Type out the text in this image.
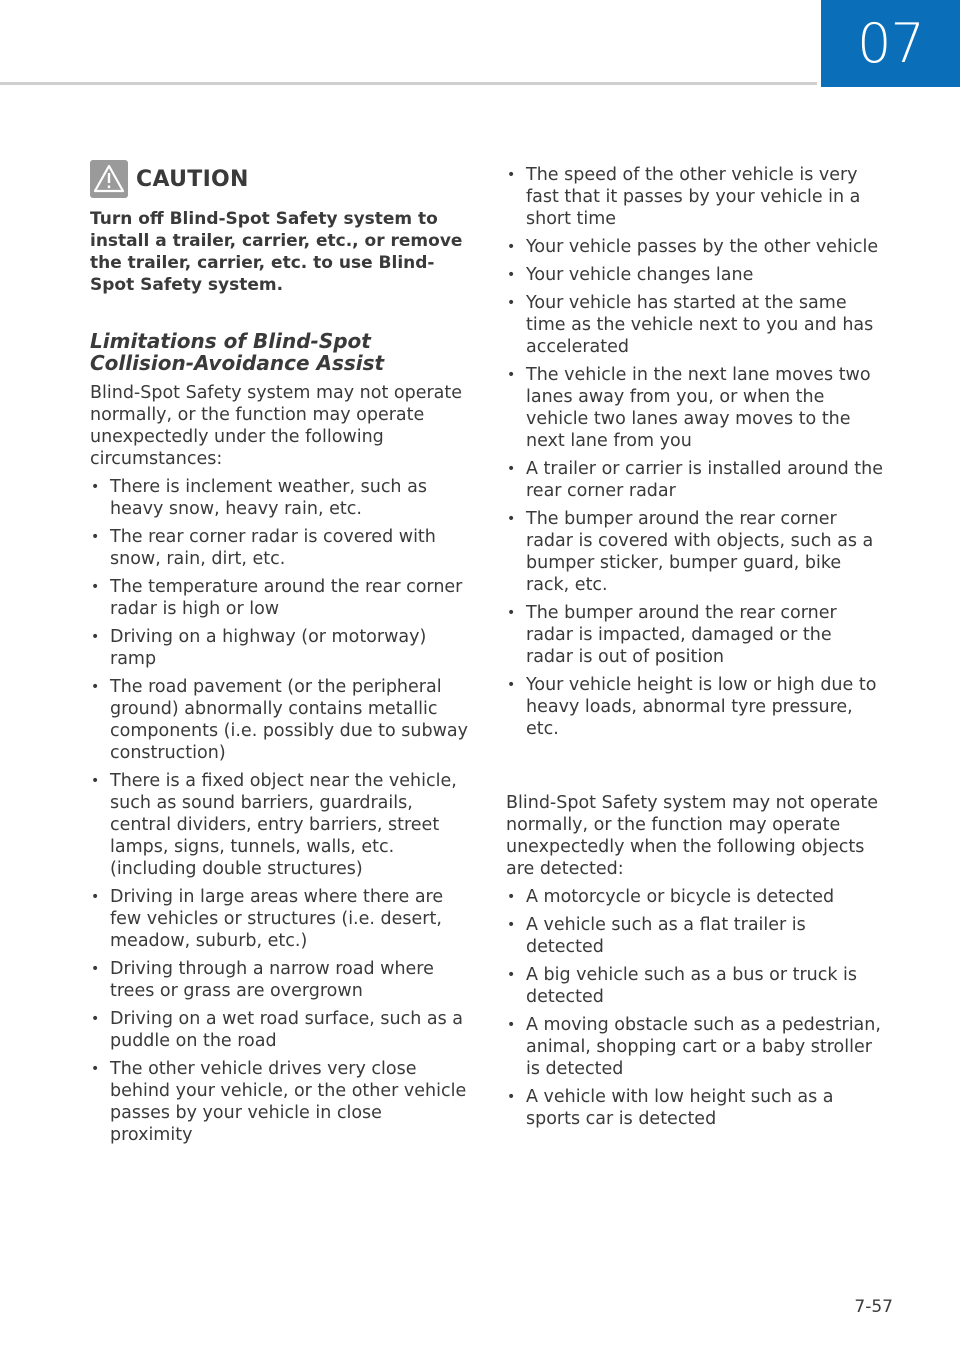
07
CAUTION
Turn off Blind-Spot Safety system to install a trailer, carrier, etc., or remove the trailer, carrier, etc. to use Blind-Spot Safety system.
Limitations of Blind-Spot Collision-Avoidance Assist

Blind-Spot Safety system may not operate normally, or the function may operate unexpectedly under the following circumstances:

• There is inclement weather, such as heavy snow, heavy rain, etc.
• The rear corner radar is covered with snow, rain, dirt, etc.
• The temperature around the rear corner radar is high or low
• Driving on a highway (or motorway) ramp
• The road pavement (or the peripheral ground) abnormally contains metallic components (i.e. possibly due to subway construction)
• There is a fixed object near the vehicle, such as sound barriers, guardrails, central dividers, entry barriers, street lamps, signs, tunnels, walls, etc. (including double structures)
• Driving in large areas where there are few vehicles or structures (i.e. desert, meadow, suburb, etc.)
• Driving through a narrow road where trees or grass are overgrown
• Driving on a wet road surface, such as a puddle on the road
• The other vehicle drives very close behind your vehicle, or the other vehicle passes by your vehicle in close proximity
• The speed of the other vehicle is very fast that it passes by your vehicle in a short time
• Your vehicle passes by the other vehicle
• Your vehicle changes lane
• Your vehicle has started at the same time as the vehicle next to you and has accelerated
• The vehicle in the next lane moves two lanes away from you, or when the vehicle two lanes away moves to the next lane from you
• A trailer or carrier is installed around the rear corner radar
• The bumper around the rear corner radar is covered with objects, such as a bumper sticker, bumper guard, bike rack, etc.
• The bumper around the rear corner radar is impacted, damaged or the radar is out of position
• Your vehicle height is low or high due to heavy loads, abnormal tyre pressure, etc.

Blind-Spot Safety system may not operate normally, or the function may operate unexpectedly when the following objects are detected:

• A motorcycle or bicycle is detected
• A vehicle such as a flat trailer is detected
• A big vehicle such as a bus or truck is detected
• A moving obstacle such as a pedestrian, animal, shopping cart or a baby stroller is detected
• A vehicle with low height such as a sports car is detected
7-57
